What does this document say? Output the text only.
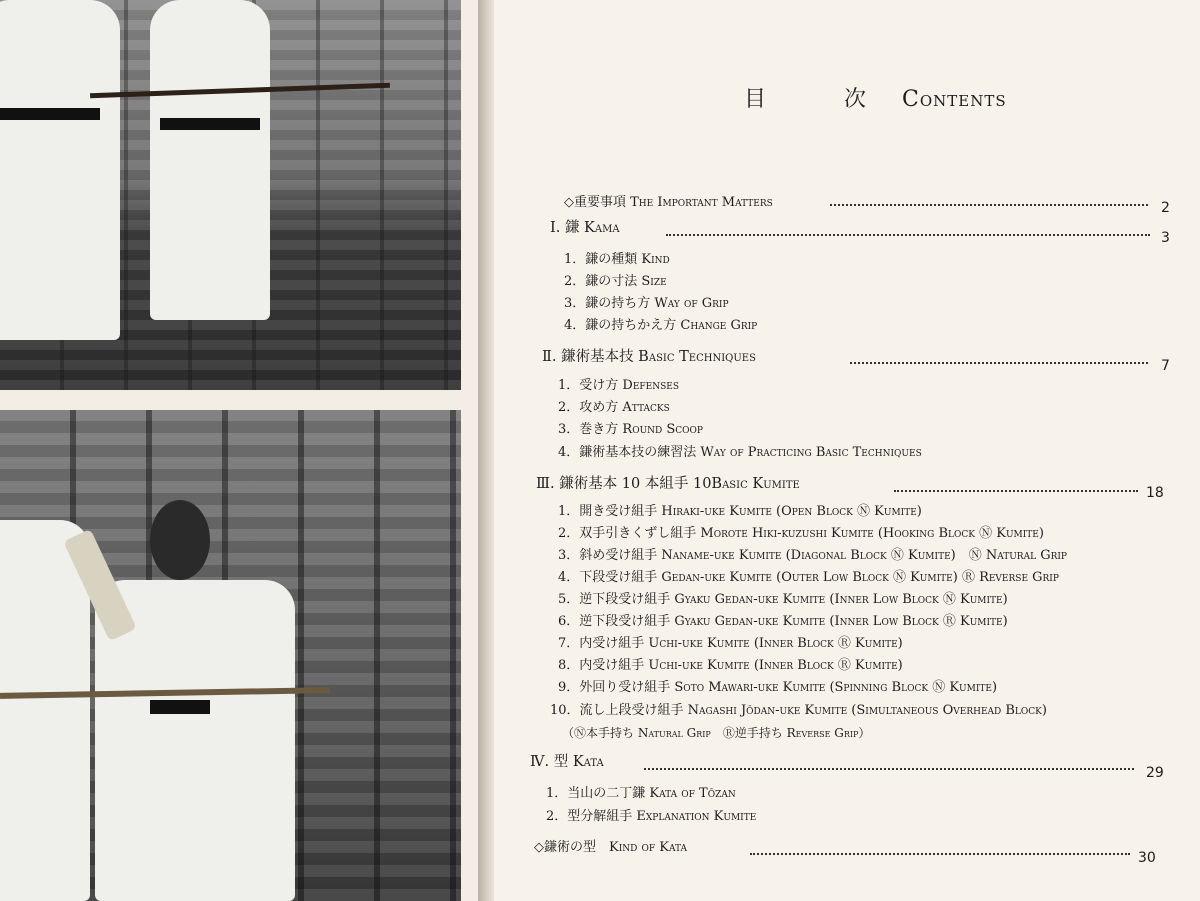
目　次 Contents
◇重要事項 The Important Matters	2
Ⅰ. 鎌 Kama
3
1．鎌の種類 Kind
2．鎌の寸法 Size
3．鎌の持ち方 Way of Grip
4．鎌の持ちかえ方 Change Grip
Ⅱ. 鎌術基本技 Basic Techniques
7
1．受け方 Defenses
2．攻め方 Attacks
3．巻き方 Round Scoop
4．鎌術基本技の練習法 Way of Practicing Basic Techniques
Ⅲ. 鎌術基本 10 本組手 10Basic Kumite
18
1．開き受け組手 Hiraki-uke Kumite (Open Block Ⓝ Kumite)
2．双手引きくずし組手 Morote Hiki-kuzushi Kumite (Hooking Block Ⓝ Kumite)
3．斜め受け組手 Naname-uke Kumite (Diagonal Block Ⓝ Kumite)　Ⓝ Natural Grip
4．下段受け組手 Gedan-uke Kumite (Outer Low Block Ⓝ Kumite) Ⓡ Reverse Grip
5．逆下段受け組手 Gyaku Gedan-uke Kumite (Inner Low Block Ⓝ Kumite)
6．逆下段受け組手 Gyaku Gedan-uke Kumite (Inner Low Block Ⓡ Kumite)
7．内受け組手 Uchi-uke Kumite (Inner Block Ⓡ Kumite)
8．内受け組手 Uchi-uke Kumite (Inner Block Ⓡ Kumite)
9．外回り受け組手 Soto Mawari-uke Kumite (Spinning Block Ⓝ Kumite)
10．流し上段受け組手 Nagashi Jōdan-uke Kumite (Simultaneous Overhead Block)
（Ⓝ本手持ち Natural Grip　Ⓡ逆手持ち Reverse Grip）
Ⅳ. 型 Kata
29
1．当山の二丁鎌 Kata of Tōzan
2．型分解組手 Explanation Kumite
◇鎌術の型　Kind of Kata
30
